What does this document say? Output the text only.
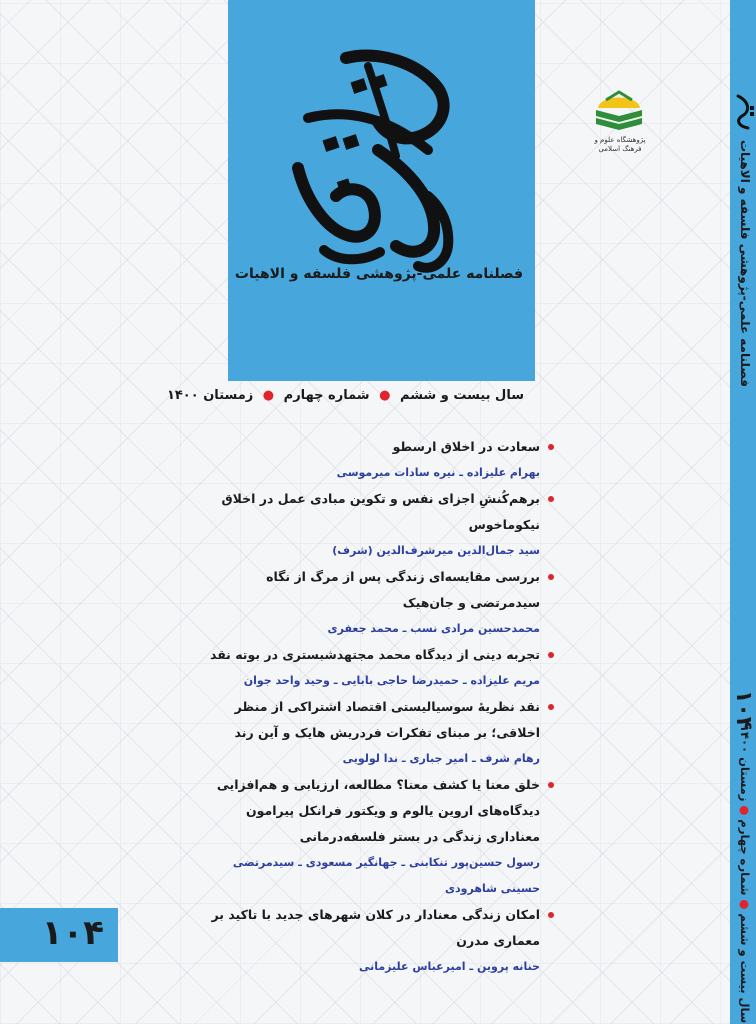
فصلنامه علمی-پژوهشی فلسفه و الاهیات
سال بیست و ششم ● شماره چهارم ● زمستان ۱۴۰۰
پژوهشگاه علوم و فرهنگ اسلامی
سعادت در اخلاق ارسطو
بهرام علیزاده ـ نیره سادات میرموسی
برهم‌کُنشِ اجزای نفس و تکوین مبادی عمل در اخلاق نیکوماخوس
سید جمال‌الدین میرشرف‌الدین (شرف)
بررسی مقایسه‌ای زندگی پس از مرگ از نگاه سیدمرتضی و جان‌هیک
محمدحسین مرادی نسب ـ محمد جعفری
تجربه دینی از دیدگاه محمد مجتهدشبستری در بوته نقد
مریم علیزاده ـ حمیدرضا حاجی بابایی ـ وحید واحد جوان
نقد نظریهٔ سوسیالیستی اقتصاد اشتراکی از منظر اخلاقی؛ بر مبنای تفکرات فردریش هایک و آین رند
رهام شرف ـ امیر جباری ـ ندا لولویی
خلق معنا یا کشف معنا؟ مطالعه، ارزیابی و هم‌افزایی دیدگاه‌های اروین یالوم و ویکتور فرانکل پیرامون معناداری زندگی در بستر فلسفه‌درمانی
رسول حسین‌پور تنکابنی ـ جهانگیر مسعودی ـ سیدمرتضی حسینی شاهرودی
امکان زندگی معنادار در کلان شهرهای جدید با تاکید بر معماری مدرن
حنانه پروین ـ امیرعباس علیزمانی
۱۰۴
فصلنامه علمی-پژوهشی فلسفه و الاهیات
۱۰۴
سال بیست و ششم●شماره چهارم●زمستان ۱۴۰۰
